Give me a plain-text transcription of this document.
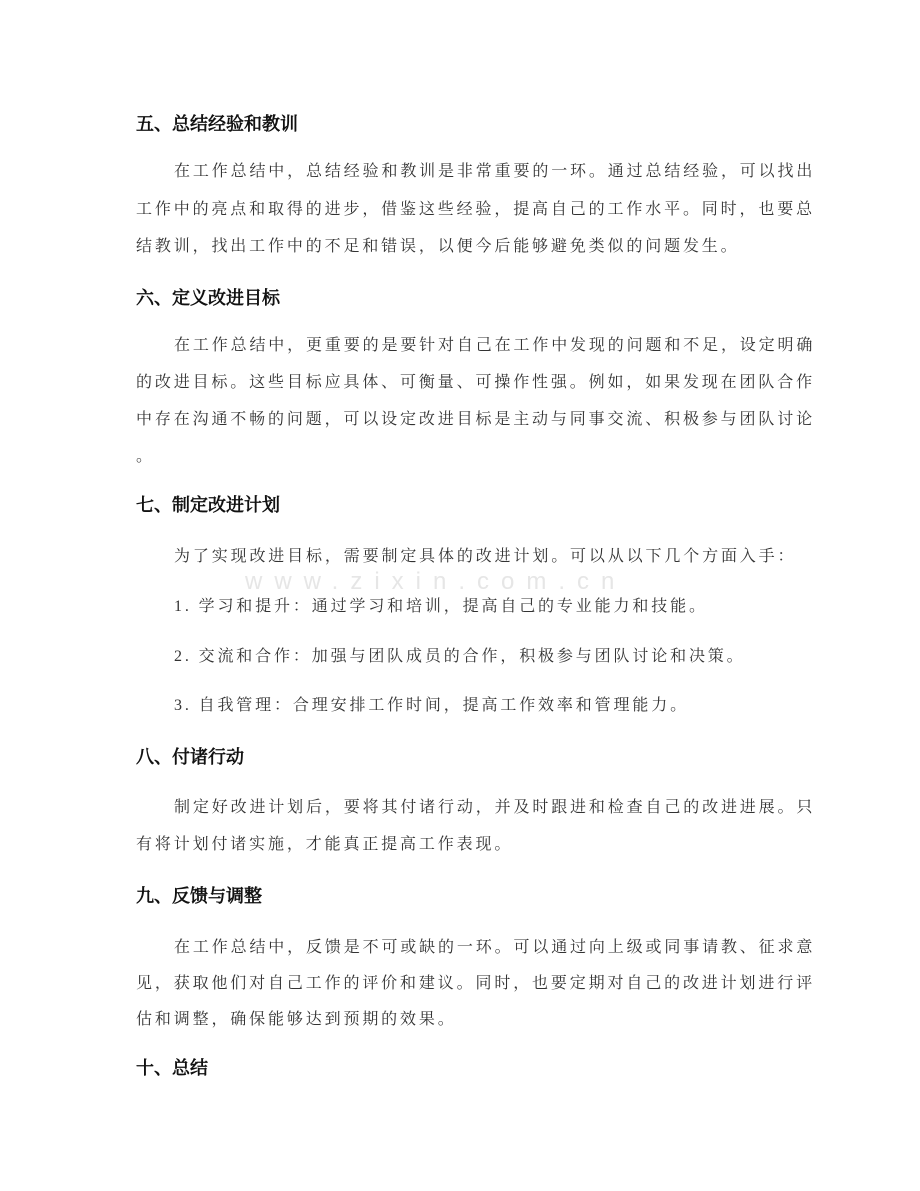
www.zixin.com.cn
五、总结经验和教训
在工作总结中，总结经验和教训是非常重要的一环。通过总结经验，可以找出
工作中的亮点和取得的进步，借鉴这些经验，提高自己的工作水平。同时，也要总
结教训，找出工作中的不足和错误，以便今后能够避免类似的问题发生。
六、定义改进目标
在工作总结中，更重要的是要针对自己在工作中发现的问题和不足，设定明确
的改进目标。这些目标应具体、可衡量、可操作性强。例如，如果发现在团队合作
中存在沟通不畅的问题，可以设定改进目标是主动与同事交流、积极参与团队讨论
。
七、制定改进计划
为了实现改进目标，需要制定具体的改进计划。可以从以下几个方面入手：
1. 学习和提升：通过学习和培训，提高自己的专业能力和技能。
2. 交流和合作：加强与团队成员的合作，积极参与团队讨论和决策。
3. 自我管理：合理安排工作时间，提高工作效率和管理能力。
八、付诸行动
制定好改进计划后，要将其付诸行动，并及时跟进和检查自己的改进进展。只
有将计划付诸实施，才能真正提高工作表现。
九、反馈与调整
在工作总结中，反馈是不可或缺的一环。可以通过向上级或同事请教、征求意
见，获取他们对自己工作的评价和建议。同时，也要定期对自己的改进计划进行评
估和调整，确保能够达到预期的效果。
十、总结
